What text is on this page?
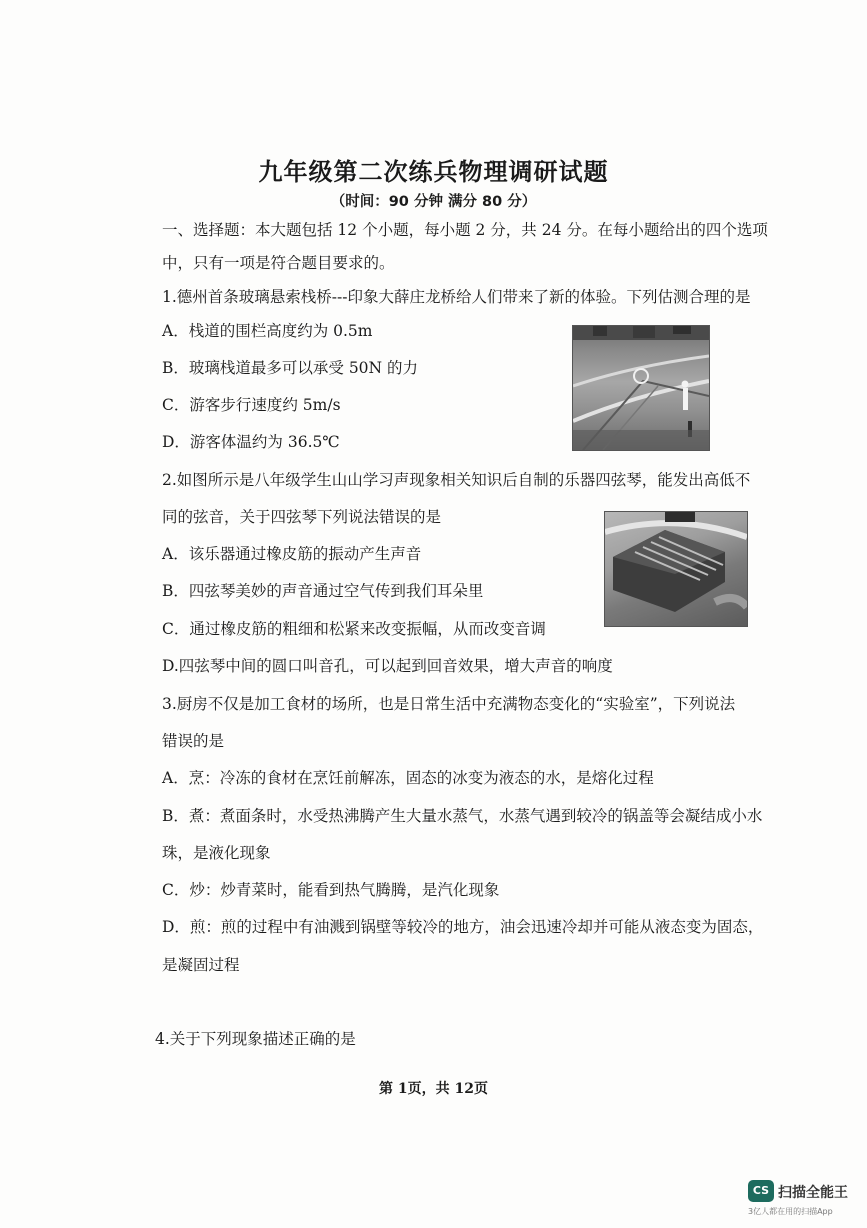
九年级第二次练兵物理调研试题

（时间：90 分钟 满分 80 分）

一、选择题：本大题包括 12 个小题，每小题 2 分，共 24 分。在每小题给出的四个选项

中，只有一项是符合题目要求的。

1.德州首条玻璃悬索栈桥---印象大薛庄龙桥给人们带来了新的体验。下列估测合理的是

A．栈道的围栏高度约为 0.5m

B．玻璃栈道最多可以承受 50N 的力

C．游客步行速度约 5m/s

D．游客体温约为 36.5℃

2.如图所示是八年级学生山山学习声现象相关知识后自制的乐器四弦琴，能发出高低不

同的弦音，关于四弦琴下列说法错误的是

A．该乐器通过橡皮筋的振动产生声音

B．四弦琴美妙的声音通过空气传到我们耳朵里

C．通过橡皮筋的粗细和松紧来改变振幅，从而改变音调

D.四弦琴中间的圆口叫音孔，可以起到回音效果，增大声音的响度

3.厨房不仅是加工食材的场所，也是日常生活中充满物态变化的“实验室”，下列说法

错误的是

A．烹：冷冻的食材在烹饪前解冻，固态的冰变为液态的水，是熔化过程

B．煮：煮面条时，水受热沸腾产生大量水蒸气，水蒸气遇到较冷的锅盖等会凝结成小水

珠，是液化现象

C．炒：炒青菜时，能看到热气腾腾，是汽化现象

D．煎：煎的过程中有油溅到锅壁等较冷的地方，油会迅速冷却并可能从液态变为固态，

是凝固过程

4.关于下列现象描述正确的是

第 1页，共 12页

CS 扫描全能王
3亿人都在用的扫描App
